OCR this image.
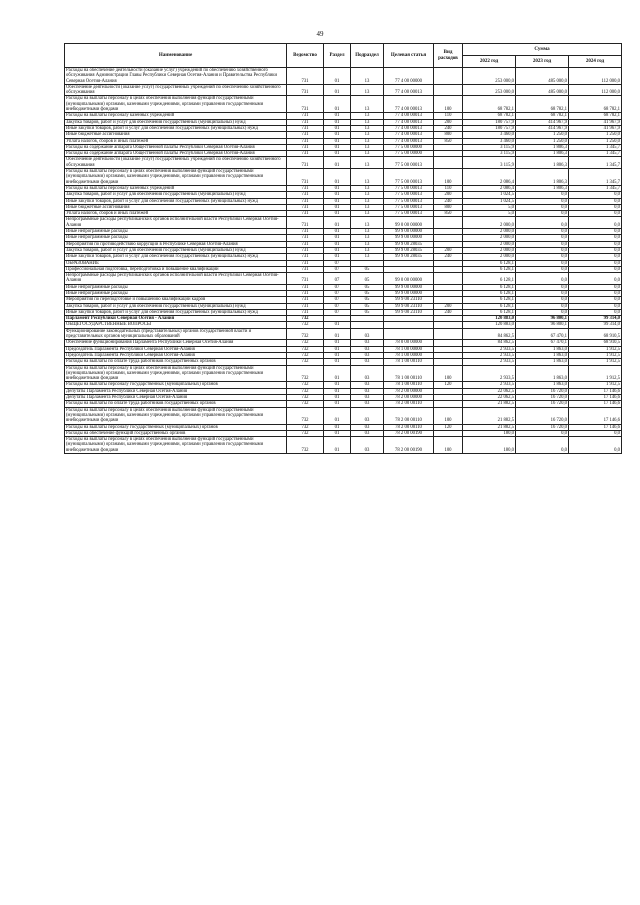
49
Наименование	Ведомство	Раздел	Подраздел	Целевая статья	Вид расходов	Сумма		
						2022 год	2023 год	2024 год
Расходы на обеспечение деятельности (оказание услуг) учреждений по обеспечению хозяйственного обслуживания Администрации Главы Республики Северная Осетия-Алания и Правительства Республики Северная Осетия-Алания	731	01	13	77 4 00 00000		253 000,0	485 000,0	112 000,0
Обеспечение деятельности (оказание услуг) государственных учреждений по обеспечению хозяйственного обслуживания	731	01	13	77 4 00 00013		253 000,0	485 000,0	112 000,0
Расходы на выплаты персоналу в целях обеспечения выполнения функций государственными (муниципальными) органами, казенными учреждениями, органами управления государственными внебюджетными фондами	731	01	13	77 4 00 00013	100	68 782,1	68 782,1	68 782,1
Расходы на выплаты персоналу казенных учреждений	731	01	13	77 4 00 00013	110	68 782,1	68 782,1	68 782,1
Закупка товаров, работ и услуг для обеспечения государственных (муниципальных) нужд	731	01	13	77 4 00 00013	200	180 757,9	414 967,9	41 967,9
Иные закупки товаров, работ и услуг для обеспечения государственных (муниципальных) нужд	731	01	13	77 4 00 00013	240	180 757,9	414 967,9	41 967,9
Иные бюджетные ассигнования	731	01	13	77 4 00 00013	800	3 460,0	1 250,0	1 250,0
Уплата налогов, сборов и иных платежей	731	01	13	77 4 00 00013	850	3 460,0	1 250,0	1 250,0
Расходы на содержание аппарата Общественной палаты Республики Северная Осетия-Алания	731	01	13	77 5 00 00000		3 115,9	1 806,3	1 345,7
Расходы на содержание аппарата Общественной палаты Республики Северная Осетия-Алания	731	01	13	77 5 00 00000		3 115,9	1 806,3	1 345,7
Обеспечение деятельности (оказание услуг) государственных учреждений по обеспечению хозяйственного обслуживания	731	01	13	77 5 00 00013		3 115,9	1 806,3	1 345,7
Расходы на выплаты персоналу в целях обеспечения выполнения функций государственными (муниципальными) органами, казенными учреждениями, органами управления государственными внебюджетными фондами	731	01	13	77 5 00 00013	100	2 086,4	1 806,3	1 345,7
Расходы на выплаты персоналу казенных учреждений	731	01	13	77 5 00 00013	110	2 086,4	1 806,3	1 345,7
Закупка товаров, работ и услуг для обеспечения государственных (муниципальных) нужд	731	01	13	77 5 00 00013	200	1 024,5	0,0	0,0
Иные закупки товаров, работ и услуг для обеспечения государственных (муниципальных) нужд	731	01	13	77 5 00 00013	240	1 024,5	0,0	0,0
Иные бюджетные ассигнования	731	01	13	77 5 00 00013	800	5,0	0,0	0,0
Уплата налогов, сборов и иных платежей	731	01	13	77 5 00 00013	850	5,0	0,0	0,0
Непрограммные расходы республиканских органов исполнительной власти Республики Северная Осетия-Алания	731	01	13	99 0 00 00000		2 000,0	0,0	0,0
Иные непрограммные расходы	731	01	13	99 9 00 00000		2 000,0	0,0	0,0
Иные непрограммные расходы	731	01	13	99 9 00 00000		2 000,0	0,0	0,0
Мероприятия по противодействию коррупции в Республике Северная Осетия-Алания	731	01	13	99 9 00 28035		2 000,0	0,0	0,0
Закупка товаров, работ и услуг для обеспечения государственных (муниципальных) нужд	731	01	13	99 9 00 28035	200	2 000,0	0,0	0,0
Иные закупки товаров, работ и услуг для обеспечения государственных (муниципальных) нужд	731	01	13	99 9 00 28035	240	2 000,0	0,0	0,0
ОБРАЗОВАНИЕ	731	07				6 128,1	0,0	0,0
Профессиональная подготовка, переподготовка и повышение квалификации	731	07	05			6 128,1	0,0	0,0
Непрограммные расходы республиканских органов исполнительной власти Республики Северная Осетия-Алания	731	07	05	99 0 00 00000		6 128,1	0,0	0,0
Иные непрограммные расходы	731	07	05	99 9 00 00000		6 128,1	0,0	0,0
Иные непрограммные расходы	731	07	05	99 9 00 00000		6 128,1	0,0	0,0
Мероприятия по переподготовке и повышению квалификации кадров	731	07	05	99 9 00 23110		6 128,1	0,0	0,0
Закупка товаров, работ и услуг для обеспечения государственных (муниципальных) нужд	731	07	05	99 9 00 23110	200	6 128,1	0,0	0,0
Иные закупки товаров, работ и услуг для обеспечения государственных (муниципальных) нужд	731	07	05	99 9 00 23110	240	6 128,1	0,0	0,0
Парламент Республики Северная Осетия - Алания	732					120 883,0	96 800,1	99 314,0
ОБЩЕГОСУДАРСТВЕННЫЕ ВОПРОСЫ	732	01				120 883,0	96 800,1	99 314,0
Функционирование законодательных (представительных) органов государственной власти и представительных органов муниципальных образований	732	01	03			84 862,5	67 470,1	68 910,5
Обеспечение функционирования Парламента Республики Северная Осетия-Алания	732	01	03	78 0 00 00000		84 862,5	67 470,1	68 910,5
Председатель Парламента Республики Северная Осетия-Алания	732	01	03	78 1 00 00000		2 933,5	1 863,0	1 912,5
Председатель Парламента Республики Северная Осетия-Алания	732	01	03	78 1 00 00000		2 933,5	1 863,0	1 912,5
Расходы на выплаты по оплате труда работников государственных органов	732	01	03	78 1 00 00110		2 933,5	1 863,0	1 912,5
Расходы на выплаты персоналу в целях обеспечения выполнения функций государственными (муниципальными) органами, казенными учреждениями, органами управления государственными внебюджетными фондами	732	01	03	78 1 00 00110	100	2 933,5	1 863,0	1 912,5
Расходы на выплаты персоналу государственных (муниципальных) органов	732	01	03	78 1 00 00110	120	2 933,5	1 863,0	1 912,5
Депутаты Парламента Республики Северная Осетия-Алания	732	01	03	78 2 00 00000		22 062,5	16 720,0	17 146,6
Депутаты Парламента Республики Северная Осетия-Алания	732	01	03	78 2 00 00000		22 062,5	16 720,0	17 146,6
Расходы на выплаты по оплате труда работников государственных органов	732	01	03	78 2 00 00110		21 882,5	16 720,0	17 146,6
Расходы на выплаты персоналу в целях обеспечения выполнения функций государственными (муниципальными) органами, казенными учреждениями, органами управления государственными внебюджетными фондами	732	01	03	78 2 00 00110	100	21 882,5	16 720,0	17 146,6
Расходы на выплаты персоналу государственных (муниципальных) органов	732	01	03	78 2 00 00110	120	21 882,5	16 720,0	17 146,6
Расходы на обеспечение функций государственных органов	732	01	03	78 2 00 00190		180,0	0,0	0,0
Расходы на выплаты персоналу в целях обеспечения выполнения функций государственными (муниципальными) органами, казенными учреждениями, органами управления государственными внебюджетными фондами	732	01	03	78 2 00 00190	100	180,0	0,0	0,0
